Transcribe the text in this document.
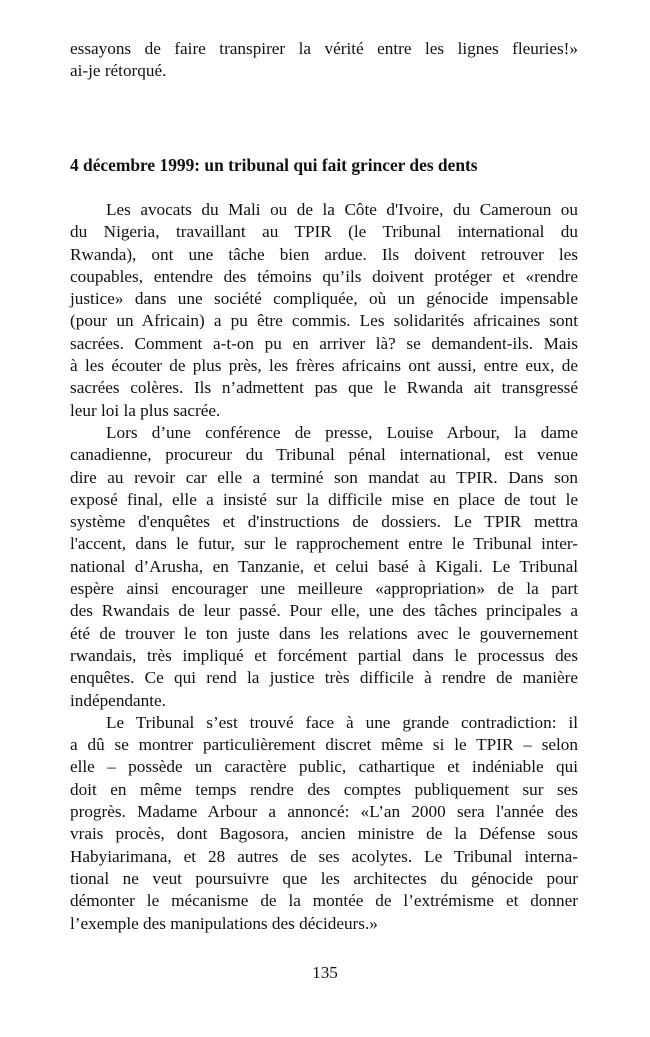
essayons de faire transpirer la vérité entre les lignes fleuries!»
ai-je rétorqué.
4 décembre 1999: un tribunal qui fait grincer des dents
Les avocats du Mali ou de la Côte d'Ivoire, du Cameroun ou
du Nigeria, travaillant au TPIR (le Tribunal international du
Rwanda), ont une tâche bien ardue. Ils doivent retrouver les
coupables, entendre des témoins qu’ils doivent protéger et «rendre
justice» dans une société compliquée, où un génocide impensable
(pour un Africain) a pu être commis. Les solidarités africaines sont
sacrées. Comment a-t-on pu en arriver là? se demandent-ils. Mais
à les écouter de plus près, les frères africains ont aussi, entre eux, de
sacrées colères. Ils n’admettent pas que le Rwanda ait transgressé
leur loi la plus sacrée.
Lors d’une conférence de presse, Louise Arbour, la dame
canadienne, procureur du Tribunal pénal international, est venue
dire au revoir car elle a terminé son mandat au TPIR. Dans son
exposé final, elle a insisté sur la difficile mise en place de tout le
système d'enquêtes et d'instructions de dossiers. Le TPIR mettra
l'accent, dans le futur, sur le rapprochement entre le Tribunal inter-
national d’Arusha, en Tanzanie, et celui basé à Kigali. Le Tribunal
espère ainsi encourager une meilleure «appropriation» de la part
des Rwandais de leur passé. Pour elle, une des tâches principales a
été de trouver le ton juste dans les relations avec le gouvernement
rwandais, très impliqué et forcément partial dans le processus des
enquêtes. Ce qui rend la justice très difficile à rendre de manière
indépendante.
Le Tribunal s’est trouvé face à une grande contradiction: il
a dû se montrer particulièrement discret même si le TPIR – selon
elle – possède un caractère public, cathartique et indéniable qui
doit en même temps rendre des comptes publiquement sur ses
progrès. Madame Arbour a annoncé: «L’an 2000 sera l'année des
vrais procès, dont Bagosora, ancien ministre de la Défense sous
Habyiarimana, et 28 autres de ses acolytes. Le Tribunal interna-
tional ne veut poursuivre que les architectes du génocide pour
démonter le mécanisme de la montée de l’extrémisme et donner
l’exemple des manipulations des décideurs.»
135
